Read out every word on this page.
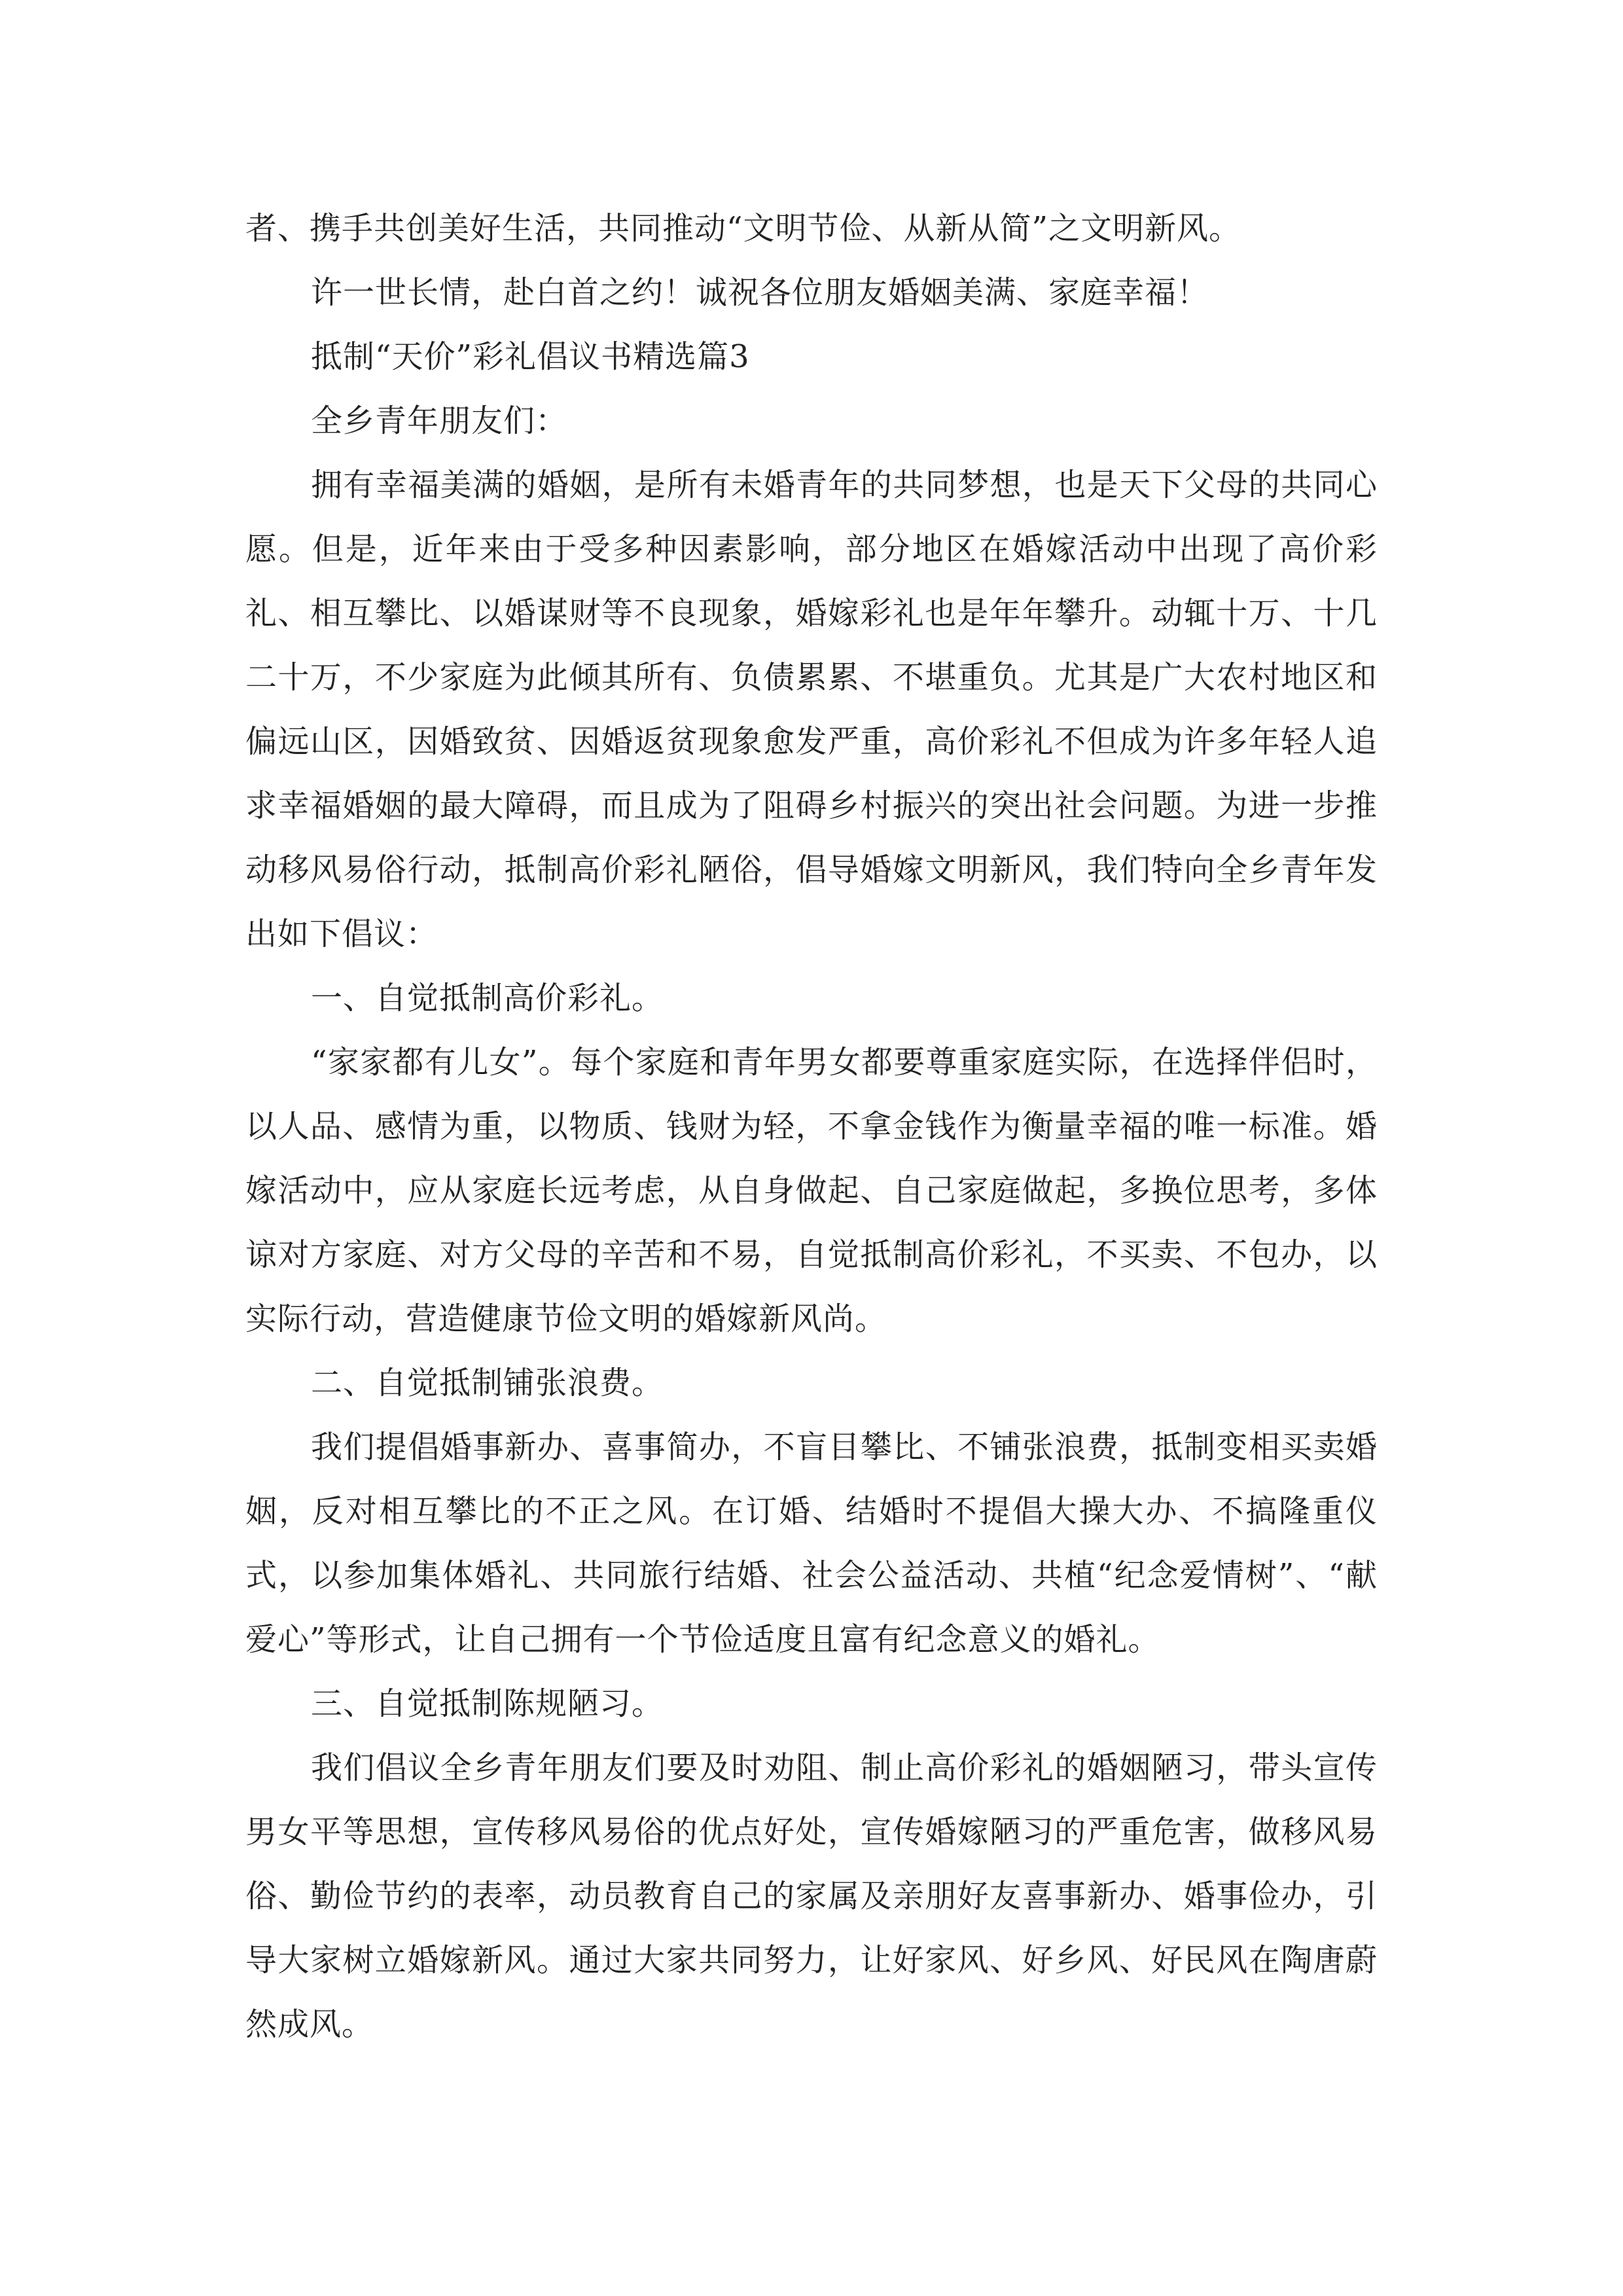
者、携手共创美好生活，共同推动“文明节俭、从新从简”之文明新风。

许一世长情，赴白首之约！诚祝各位朋友婚姻美满、家庭幸福！

抵制“天价”彩礼倡议书精选篇3

全乡青年朋友们：

拥有幸福美满的婚姻，是所有未婚青年的共同梦想，也是天下父母的共同心愿。但是，近年来由于受多种因素影响，部分地区在婚嫁活动中出现了高价彩礼、相互攀比、以婚谋财等不良现象，婚嫁彩礼也是年年攀升。动辄十万、十几二十万，不少家庭为此倾其所有、负债累累、不堪重负。尤其是广大农村地区和偏远山区，因婚致贫、因婚返贫现象愈发严重，高价彩礼不但成为许多年轻人追求幸福婚姻的最大障碍，而且成为了阻碍乡村振兴的突出社会问题。为进一步推动移风易俗行动，抵制高价彩礼陋俗，倡导婚嫁文明新风，我们特向全乡青年发出如下倡议：

一、自觉抵制高价彩礼。

“家家都有儿女”。每个家庭和青年男女都要尊重家庭实际，在选择伴侣时，以人品、感情为重，以物质、钱财为轻，不拿金钱作为衡量幸福的唯一标准。婚嫁活动中，应从家庭长远考虑，从自身做起、自己家庭做起，多换位思考，多体谅对方家庭、对方父母的辛苦和不易，自觉抵制高价彩礼，不买卖、不包办，以实际行动，营造健康节俭文明的婚嫁新风尚。

二、自觉抵制铺张浪费。

我们提倡婚事新办、喜事简办，不盲目攀比、不铺张浪费，抵制变相买卖婚姻，反对相互攀比的不正之风。在订婚、结婚时不提倡大操大办、不搞隆重仪式，以参加集体婚礼、共同旅行结婚、社会公益活动、共植“纪念爱情树”、“献爱心”等形式，让自己拥有一个节俭适度且富有纪念意义的婚礼。

三、自觉抵制陈规陋习。

我们倡议全乡青年朋友们要及时劝阻、制止高价彩礼的婚姻陋习，带头宣传男女平等思想，宣传移风易俗的优点好处，宣传婚嫁陋习的严重危害，做移风易俗、勤俭节约的表率，动员教育自己的家属及亲朋好友喜事新办、婚事俭办，引导大家树立婚嫁新风。通过大家共同努力，让好家风、好乡风、好民风在陶唐蔚然成风。
